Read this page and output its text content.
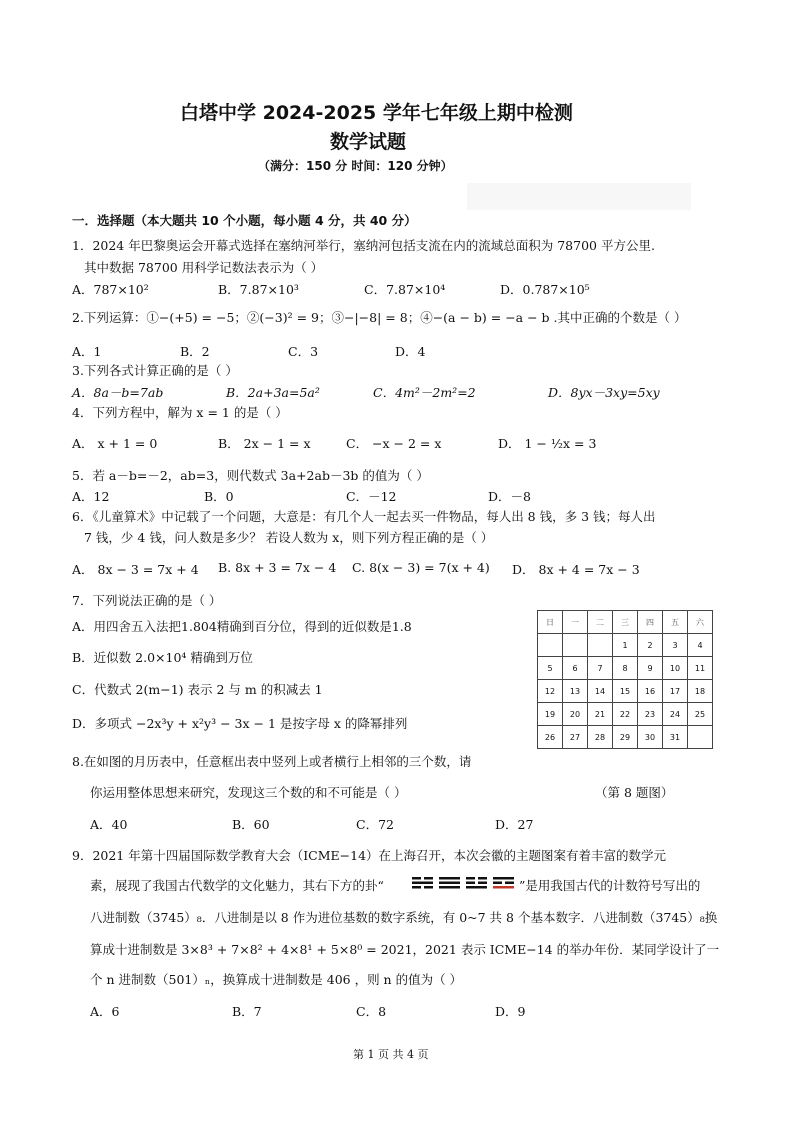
白塔中学 2024-2025 学年七年级上期中检测
数学试题
（满分：150 分 时间：120 分钟）
一．选择题（本大题共 10 个小题，每小题 4 分，共 40 分）
1．2024 年巴黎奥运会开幕式选择在塞纳河举行，塞纳河包括支流在内的流域总面积为 78700 平方公里.
其中数据 78700 用科学记数法表示为（ ）
A．787×10²	B．7.87×10³	C．7.87×10⁴	D．0.787×10⁵
2.下列运算：①−(+5) = −5；②(−3)² = 9；③−|−8| = 8；④−(a − b) = −a − b .其中正确的个数是（ ）
A．1	B．2	C．3	D．4
3.下列各式计算正确的是（ ）
A．8a－b=7ab	B．2a+3a=5a²	C．4m²－2m²=2	D．8yx－3xy=5xy
4．下列方程中，解为 x = 1 的是（ ）
A． x + 1 = 0	B． 2x − 1 = x	C． −x − 2 = x	D． 1 − ½x = 3
5．若 a－b=－2，ab=3，则代数式 3a+2ab－3b 的值为（ ）
A．12	B．0	C．－12	D．－8
6．《儿童算术》中记载了一个问题，大意是：有几个人一起去买一件物品，每人出 8 钱，多 3 钱；每人出
7 钱，少 4 钱，问人数是多少？ 若设人数为 x，则下列方程正确的是（ ）
A． 8x − 3 = 7x + 4 B. 8x + 3 = 7x − 4 C. 8(x − 3) = 7(x + 4) D． 8x + 4 = 7x − 3
7．下列说法正确的是（ ）
A．用四舍五入法把1.804精确到百分位，得到的近似数是1.8
B．近似数 2.0×10⁴ 精确到万位
C．代数式 2(m−1) 表示 2 与 m 的积减去 1
D．多项式 −2x³y + x²y³ − 3x − 1 是按字母 x 的降幂排列
日	一	二	三	四	五	六
			1	2	3	4
5	6	7	8	9	10	11
12	13	14	15	16	17	18
19	20	21	22	23	24	25
26	27	28	29	30	31	
8.在如图的月历表中，任意框出表中竖列上或者横行上相邻的三个数，请
你运用整体思想来研究，发现这三个数的和不可能是（ ）	（第 8 题图）
A．40	B．60	C．72	D．27
9．2021 年第十四届国际数学教育大会（ICME−14）在上海召开，本次会徽的主题图案有着丰富的数学元
素，展现了我国古代数学的文化魅力，其右下方的卦“	”是用我国古代的计数符号写出的
八进制数（3745）₈．八进制是以 8 作为进位基数的数字系统，有 0~7 共 8 个基本数字．八进制数（3745）₈换
算成十进制数是 3×8³ + 7×8² + 4×8¹ + 5×8⁰ = 2021，2021 表示 ICME−14 的举办年份．某同学设计了一
个 n 进制数（501）ₙ，换算成十进制数是 406 ，则 n 的值为（ ）
A．6	B．7	C．8	D．9
第 1 页 共 4 页
